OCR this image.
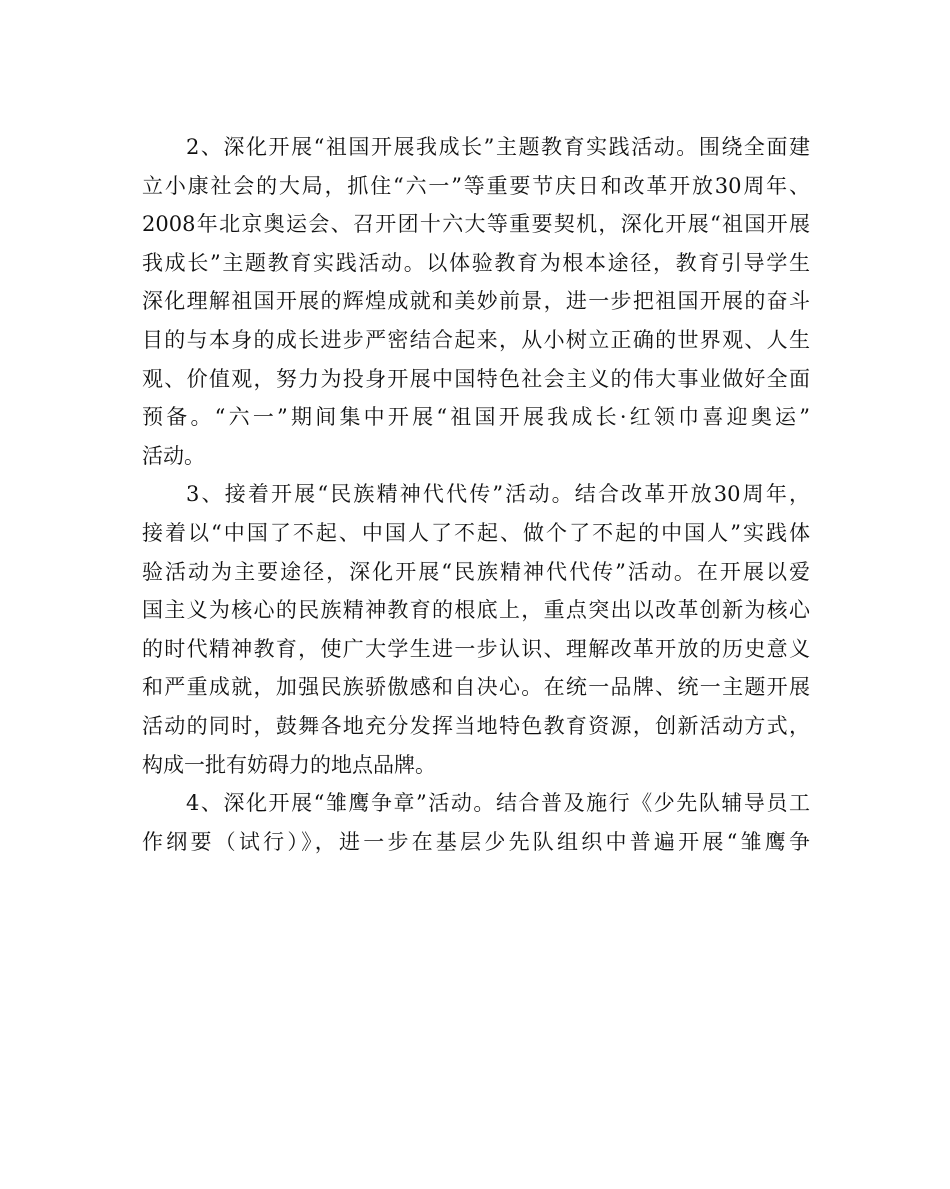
2、深化开展“祖国开展我成长”主题教育实践活动。围绕全面建
立小康社会的大局，抓住“六一”等重要节庆日和改革开放30周年、
2008年北京奥运会、召开团十六大等重要契机，深化开展“祖国开展
我成长”主题教育实践活动。以体验教育为根本途径，教育引导学生
深化理解祖国开展的辉煌成就和美妙前景，进一步把祖国开展的奋斗
目的与本身的成长进步严密结合起来，从小树立正确的世界观、人生
观、价值观，努力为投身开展中国特色社会主义的伟大事业做好全面
预备。“六一”期间集中开展“祖国开展我成长·红领巾喜迎奥运”
活动。
3、接着开展“民族精神代代传”活动。结合改革开放30周年，
接着以“中国了不起、中国人了不起、做个了不起的中国人”实践体
验活动为主要途径，深化开展“民族精神代代传”活动。在开展以爱
国主义为核心的民族精神教育的根底上，重点突出以改革创新为核心
的时代精神教育，使广大学生进一步认识、理解改革开放的历史意义
和严重成就，加强民族骄傲感和自决心。在统一品牌、统一主题开展
活动的同时，鼓舞各地充分发挥当地特色教育资源，创新活动方式，
构成一批有妨碍力的地点品牌。
4、深化开展“雏鹰争章”活动。结合普及施行《少先队辅导员工
作纲要（试行）》，进一步在基层少先队组织中普遍开展“雏鹰争
